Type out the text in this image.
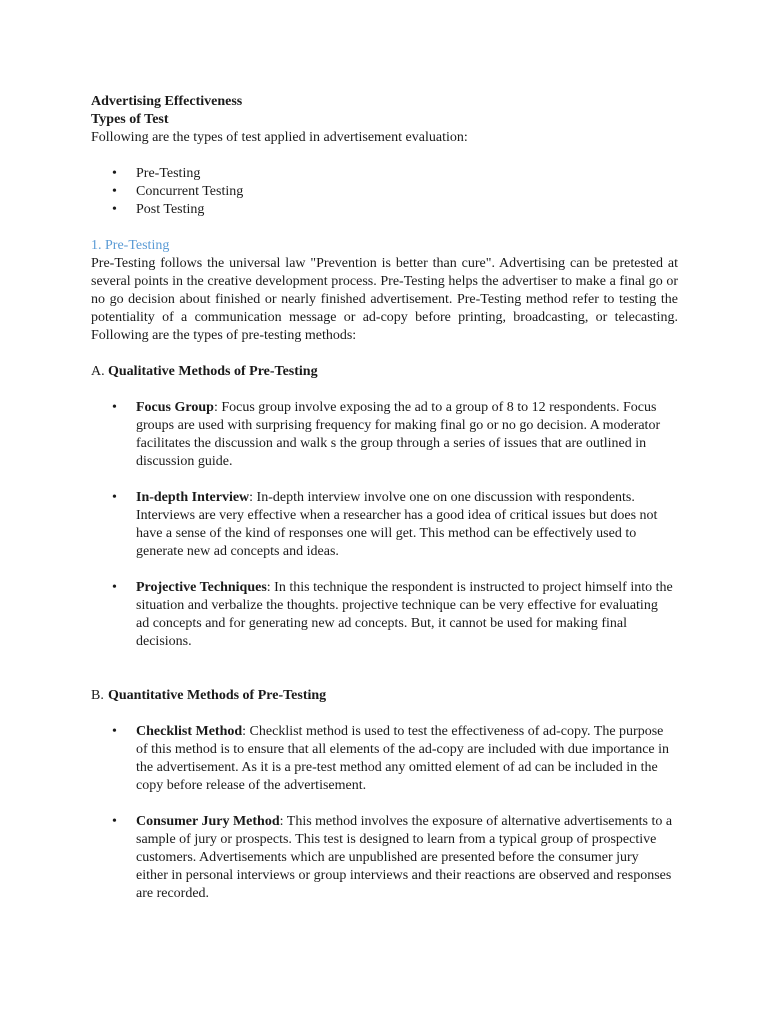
Advertising Effectiveness

Types of Test

Following are the types of test applied in advertisement evaluation:

• Pre-Testing
• Concurrent Testing
• Post Testing

1. Pre-Testing

Pre-Testing follows the universal law "Prevention is better than cure". Advertising can be pretested at several points in the creative development process. Pre-Testing helps the advertiser to make a final go or no go decision about finished or nearly finished advertisement. Pre-Testing method refer to testing the potentiality of a communication message or ad-copy before printing, broadcasting, or telecasting. Following are the types of pre-testing methods:

A. Qualitative Methods of Pre-Testing

• Focus Group: Focus group involve exposing the ad to a group of 8 to 12 respondents. Focus groups are used with surprising frequency for making final go or no go decision. A moderator facilitates the discussion and walk s the group through a series of issues that are outlined in discussion guide.
• In-depth Interview: In-depth interview involve one on one discussion with respondents. Interviews are very effective when a researcher has a good idea of critical issues but does not have a sense of the kind of responses one will get. This method can be effectively used to generate new ad concepts and ideas.
• Projective Techniques: In this technique the respondent is instructed to project himself into the situation and verbalize the thoughts. projective technique can be very effective for evaluating ad concepts and for generating new ad concepts. But, it cannot be used for making final decisions.

B. Quantitative Methods of Pre-Testing

• Checklist Method: Checklist method is used to test the effectiveness of ad-copy. The purpose of this method is to ensure that all elements of the ad-copy are included with due importance in the advertisement. As it is a pre-test method any omitted element of ad can be included in the copy before release of the advertisement.
• Consumer Jury Method: This method involves the exposure of alternative advertisements to a sample of jury or prospects. This test is designed to learn from a typical group of prospective customers. Advertisements which are unpublished are presented before the consumer jury either in personal interviews or group interviews and their reactions are observed and responses are recorded.
